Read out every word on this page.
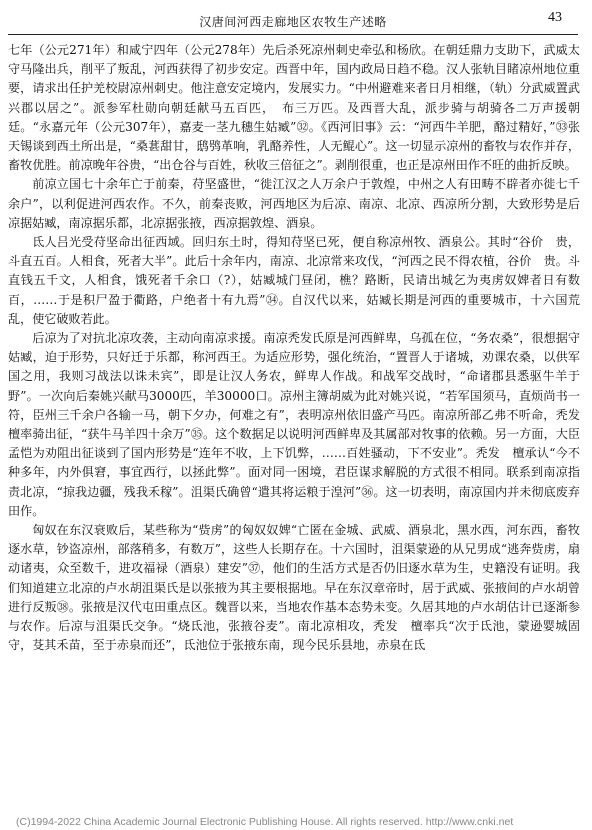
汉唐间河西走廊地区农牧生产述略	43

七年（公元271年）和咸宁四年（公元278年）先后杀死凉州刺史牵弘和杨欣。在朝廷鼎力支助下，武威太守马隆出兵，削平了叛乱，河西获得了初步安定。西晋中年，国内政局日趋不稳。汉人张轨目睹凉州地位重要，请求出任护羌校尉凉州刺史。他注意安定境内，发展实力。“中州避难来者日月相继，（轨）分武威置武兴郡以居之”。派参军杜勋向朝廷献马五百匹，　布三万匹。及西晋大乱，派步骑与胡骑各二万声援朝廷。“永嘉元年（公元307年），嘉麦一茎九穗生姑臧”㉜。《西河旧事》云：“河西牛羊肥，酪过精好，”㉝张天锡谈到西土所出是，“桑葚甜甘，鸱鸮革响，乳酪养性，人无鲲心”。这一切显示凉州的畜牧与农作并存，畜牧优胜。前凉晚年谷贵，“出仓谷与百姓，秋收三倍征之”。剥削很重，也正是凉州田作不旺的曲折反映。

前凉立国七十余年亡于前秦，苻坚盛世，“徙江汉之人万余户于敦煌，中州之人有田畴不辟者亦徙七千余户”，以利促进河西农作。不久，前秦丧败，河西地区为后凉、南凉、北凉、西凉所分割，大致形势是后凉据姑臧，南凉据乐都，北凉据张掖，西凉据敦煌、酒泉。

氐人吕光受苻坚命出征西域。回归东土时，得知苻坚已死，便自称凉州牧、酒泉公。其时“谷价　贵，斗直五百。人相食，死者大半”。此后十余年内，南凉、北凉常来攻伐，“河西之民不得农植，谷价　贵。斗直钱五千文，人相食，饿死者千余口（?），姑臧城门昼闭，樵？路断，民请出城乞为夷虏奴婢者日有数百，……于是积尸盈于衢路，户绝者十有九焉”㉞。自汉代以来，姑臧长期是河西的重要城市，十六国荒乱，使它破败若此。

后凉为了对抗北凉攻袭，主动向南凉求援。南凉秃发氏原是河西鲜卑，乌孤在位，“务农桑”，很想据守姑臧，迫于形势，只好迁于乐都，称河西王。为适应形势，强化统治，“置晋人于诸城，劝课农桑，以供军国之用，我则习战法以诛未宾”，即是让汉人务农，鲜卑人作战。和战军交战时，“命诸郡县悉驱牛羊于野”。一次向后秦姚兴献马3000匹，羊30000口。凉州主簿胡威为此对姚兴说，“若军国须马，直烦尚书一符，臣州三千余户各输一马，朝下夕办，何难之有”，表明凉州依旧盛产马匹。南凉所部乙弗不听命，秃发　檀率骑出征，“获牛马羊四十余万”㉟。这个数据足以说明河西鲜卑及其属部对牧事的依赖。另一方面，大臣孟恺为劝阻出征谈到了国内形势是“连年不收，上下饥弊，……百姓骚动，下不安业”。秃发　檀承认“今不种多年，内外俱窘，事宜西行，以拯此弊”。面对同一困境，君臣谋求解脱的方式很不相同。联系到南凉指责北凉，“掠我边疆，残我禾稼”。沮渠氏确曾“遣其将运粮于湟河”㊱。这一切表明，南凉国内并未彻底废弃田作。

匈奴在东汉衰败后，某些称为“赀虏”的匈奴奴婢“亡匿在金城、武威、酒泉北，黑水西，河东西，畜牧逐水草，钞盗凉州，部落稍多，有数万”，这些人长期存在。十六国时，沮渠蒙逊的从兄男成“逃奔赀虏，扇动诸夷，众至数千，进攻福禄（酒泉）建安”㊲，他们的生活方式是否仍旧逐水草为生，史籍没有证明。我们知道建立北凉的卢水胡沮渠氏是以张掖为其主要根据地。早在东汉章帝时，居于武威、张掖间的卢水胡曾进行反叛㊳。张掖是汉代屯田重点区。魏晋以来，当地农作基本态势未变。久居其地的卢水胡估计已逐渐参与农作。后凉与沮渠氏交争。“烧氐池，张掖谷麦”。南北凉相攻，秃发　檀率兵“次于氐池，蒙逊婴城固守，芟其禾苗，至于赤泉而还”，氐池位于张掖东南，现今民乐县地，赤泉在氐

(C)1994-2022 China Academic Journal Electronic Publishing House. All rights reserved. http://www.cnki.net
